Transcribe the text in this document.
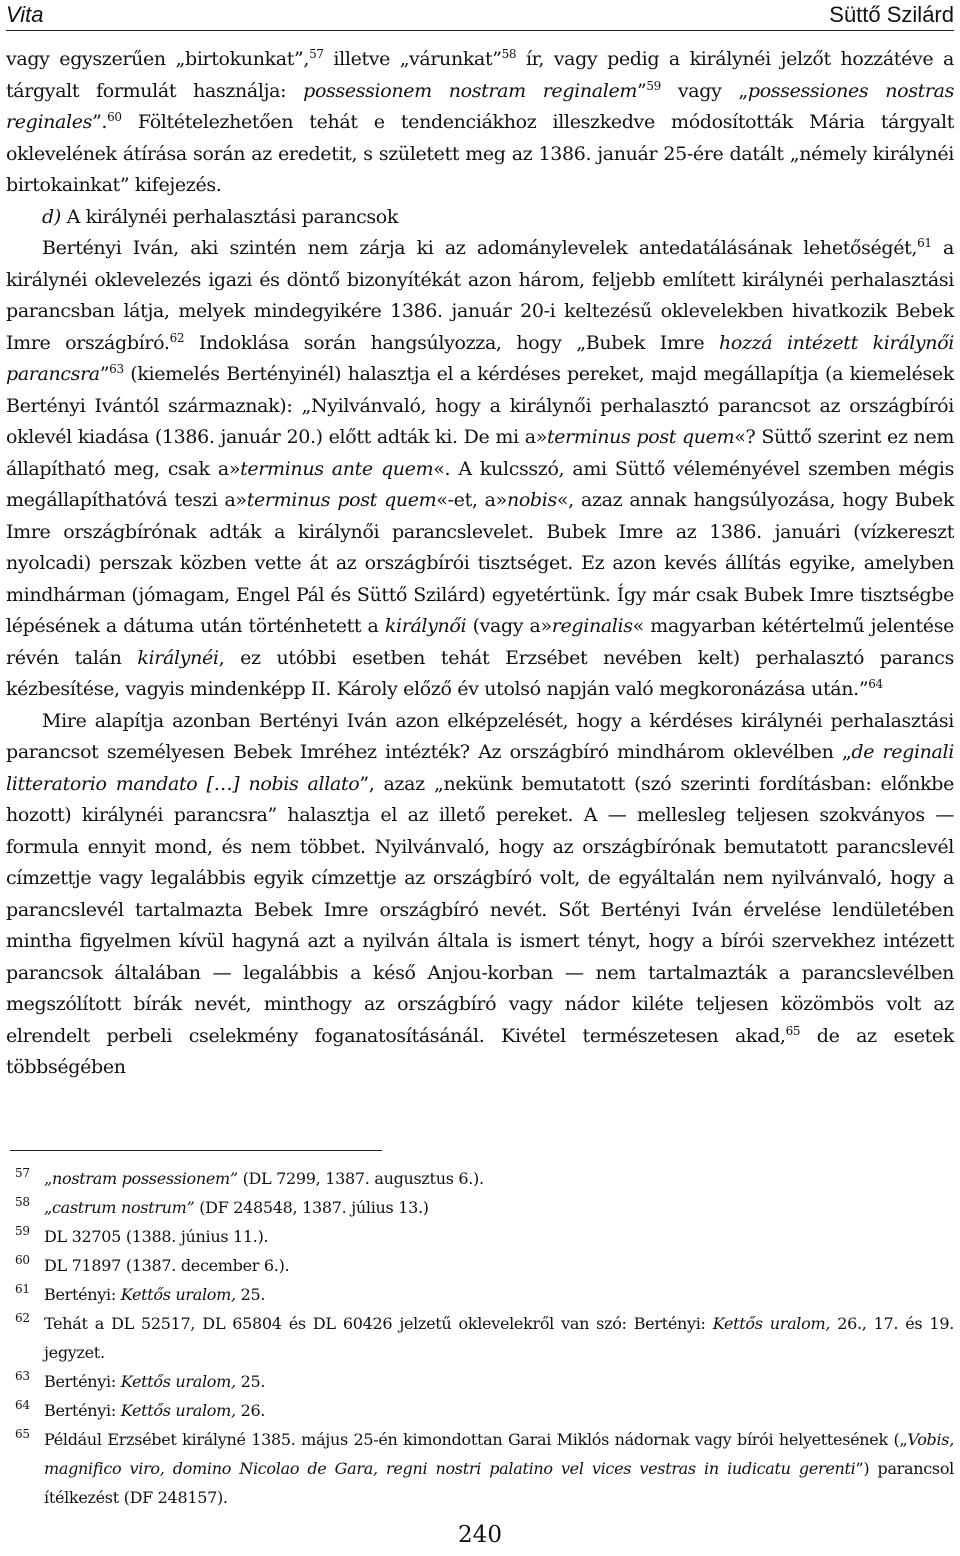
Vita	Süttő Szilárd

vagy egyszerűen „birtokunkat”,$^{57}$ illetve „várunkat”$^{58}$ ír, vagy pedig a királynéi jelzőt hozzátéve a tárgyalt formulát használja: possessionem nostram reginalem”$^{59}$ vagy „possessiones nostras reginales”.$^{60}$ Föltételezhetően tehát e tendenciákhoz illeszkedve módosították Mária tárgyalt oklevelének átírása során az eredetit, s született meg az 1386. január 25-ére datált „némely királynéi birtokainkat” kifejezés.

d) A királynéi perhalasztási parancsok

Bertényi Iván, aki szintén nem zárja ki az adománylevelek antedatálásának lehetőségét,$^{61}$ a királynéi oklevelezés igazi és döntő bizonyítékát azon három, feljebb említett királynéi perhalasztási parancsban látja, melyek mindegyikére 1386. január 20-i keltezésű oklevelekben hivatkozik Bebek Imre országbíró.$^{62}$ Indoklása során hangsúlyozza, hogy „Bubek Imre hozzá intézett királynői parancsra”$^{63}$ (kiemelés Bertényinél) halasztja el a kérdéses pereket, majd megállapítja (a kiemelések Bertényi Ivántól származnak): „Nyilvánvaló, hogy a királynői perhalasztó parancsot az országbírói oklevél kiadása (1386. január 20.) előtt adták ki. De mi a»terminus post quem«? Süttő szerint ez nem állapítható meg, csak a»terminus ante quem«. A kulcsszó, ami Süttő véleményével szemben mégis megállapíthatóvá teszi a»terminus post quem«-et, a»nobis«, azaz annak hangsúlyozása, hogy Bubek Imre országbírónak adták a királynői parancslevelet. Bubek Imre az 1386. januári (vízkereszt nyolcadi) perszak közben vette át az országbírói tisztséget. Ez azon kevés állítás egyike, amelyben mindhárman (jómagam, Engel Pál és Süttő Szilárd) egyetértünk. Így már csak Bubek Imre tisztségbe lépésének a dátuma után történhetett a királynői (vagy a»reginalis« magyarban kétértelmű jelentése révén talán királynéi, ez utóbbi esetben tehát Erzsébet nevében kelt) perhalasztó parancs kézbesítése, vagyis mindenképp II. Károly előző év utolsó napján való megkoronázása után.”$^{64}$

Mire alapítja azonban Bertényi Iván azon elképzelését, hogy a kérdéses királynéi perhalasztási parancsot személyesen Bebek Imréhez intézték? Az országbíró mindhárom oklevélben „de reginali litteratorio mandato […] nobis allato”, azaz „nekünk bemutatott (szó szerinti fordításban: előnkbe hozott) királynéi parancsra” halasztja el az illető pereket. A — mellesleg teljesen szokványos — formula ennyit mond, és nem többet. Nyilvánvaló, hogy az országbírónak bemutatott parancslevél címzettje vagy legalábbis egyik címzettje az országbíró volt, de egyáltalán nem nyilvánvaló, hogy a parancslevél tartalmazta Bebek Imre országbíró nevét. Sőt Bertényi Iván érvelése lendületében mintha figyelmen kívül hagyná azt a nyilván általa is ismert tényt, hogy a bírói szervekhez intézett parancsok általában — legalábbis a késő Anjou-korban — nem tartalmazták a parancslevélben megszólított bírák nevét, minthogy az országbíró vagy nádor kiléte teljesen közömbös volt az elrendelt perbeli cselekmény foganatosításánál. Kivétel természetesen akad,$^{65}$ de az esetek többségében

57 „nostram possessionem” (DL 7299, 1387. augusztus 6.).
58 „castrum nostrum” (DF 248548, 1387. július 13.)
59 DL 32705 (1388. június 11.).
60 DL 71897 (1387. december 6.).
61 Bertényi: Kettős uralom, 25.
62 Tehát a DL 52517, DL 65804 és DL 60426 jelzetű oklevelekről van szó: Bertényi: Kettős uralom, 26., 17. és 19. jegyzet.
63 Bertényi: Kettős uralom, 25.
64 Bertényi: Kettős uralom, 26.
65 Például Erzsébet királyné 1385. május 25-én kimondottan Garai Miklós nádornak vagy bírói helyettesének („Vobis, magnifico viro, domino Nicolao de Gara, regni nostri palatino vel vices vestras in iudicatu gerenti”) parancsol ítélkezést (DF 248157).
240
